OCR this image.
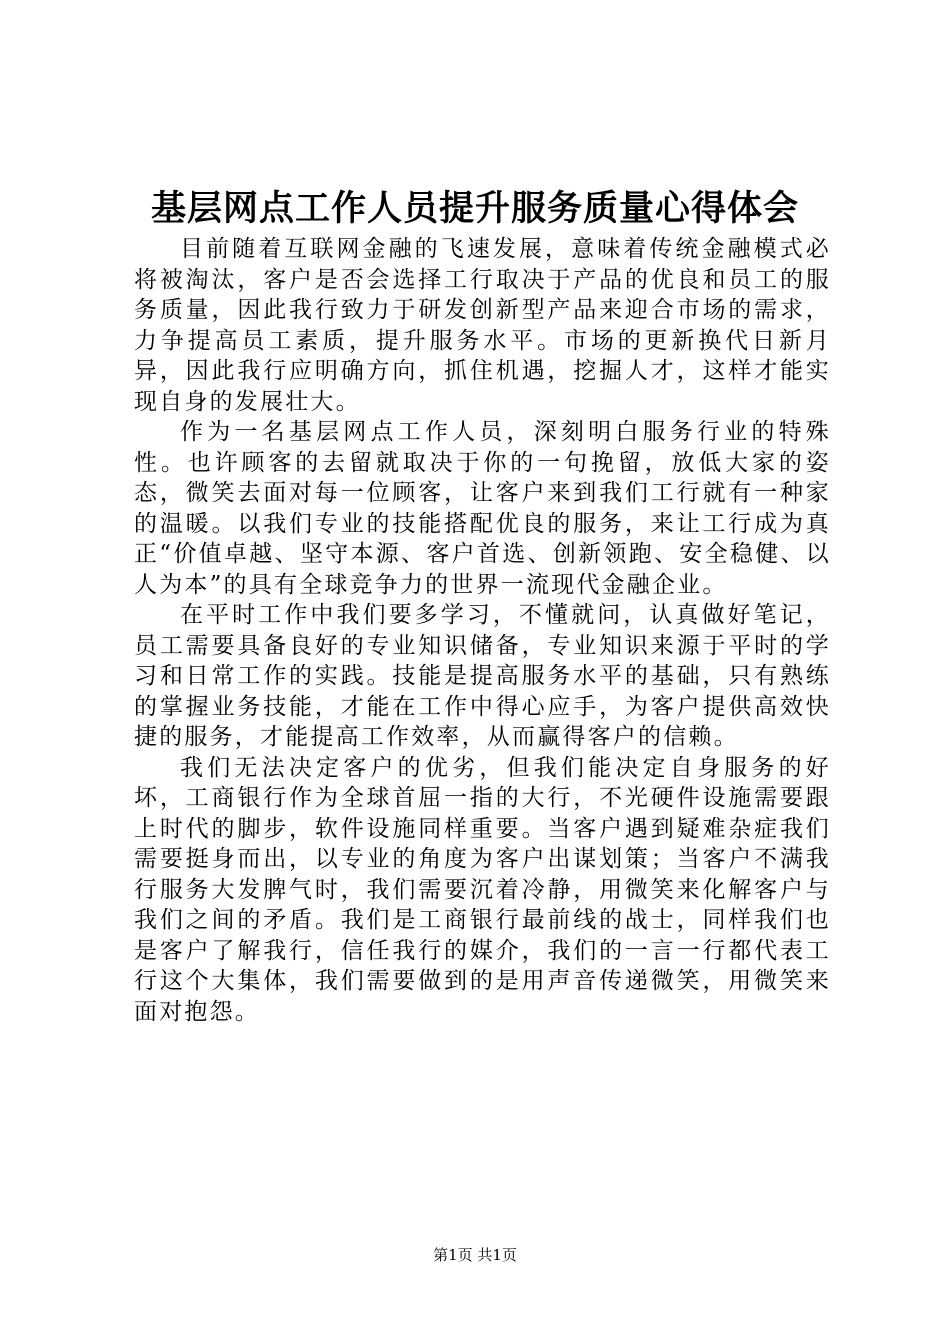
基层网点工作人员提升服务质量心得体会

目前随着互联网金融的飞速发展，意味着传统金融模式必将被淘汰，客户是否会选择工行取决于产品的优良和员工的服务质量，因此我行致力于研发创新型产品来迎合市场的需求，力争提高员工素质，提升服务水平。市场的更新换代日新月异，因此我行应明确方向，抓住机遇，挖掘人才，这样才能实现自身的发展壮大。

作为一名基层网点工作人员，深刻明白服务行业的特殊性。也许顾客的去留就取决于你的一句挽留，放低大家的姿态，微笑去面对每一位顾客，让客户来到我们工行就有一种家的温暖。以我们专业的技能搭配优良的服务，来让工行成为真正“价值卓越、坚守本源、客户首选、创新领跑、安全稳健、以人为本”的具有全球竞争力的世界一流现代金融企业。

在平时工作中我们要多学习，不懂就问，认真做好笔记，员工需要具备良好的专业知识储备，专业知识来源于平时的学习和日常工作的实践。技能是提高服务水平的基础，只有熟练的掌握业务技能，才能在工作中得心应手，为客户提供高效快捷的服务，才能提高工作效率，从而赢得客户的信赖。

我们无法决定客户的优劣，但我们能决定自身服务的好坏，工商银行作为全球首屈一指的大行，不光硬件设施需要跟上时代的脚步，软件设施同样重要。当客户遇到疑难杂症我们需要挺身而出，以专业的角度为客户出谋划策；当客户不满我行服务大发脾气时，我们需要沉着冷静，用微笑来化解客户与我们之间的矛盾。我们是工商银行最前线的战士，同样我们也是客户了解我行，信任我行的媒介，我们的一言一行都代表工行这个大集体，我们需要做到的是用声音传递微笑，用微笑来面对抱怨。

第1页 共1页
